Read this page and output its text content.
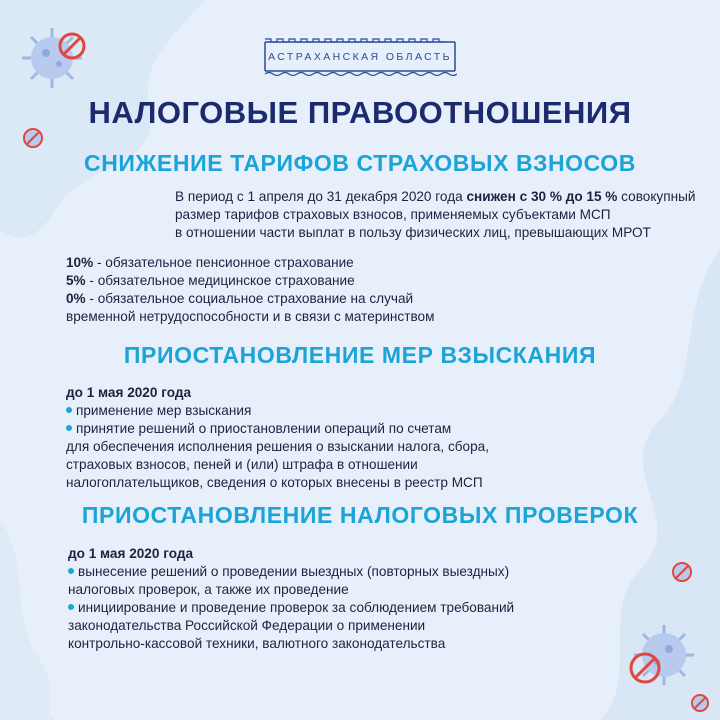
АСТРАХАНСКАЯ ОБЛАСТЬ
НАЛОГОВЫЕ ПРАВООТНОШЕНИЯ
СНИЖЕНИЕ ТАРИФОВ СТРАХОВЫХ ВЗНОСОВ
В период с 1 апреля до 31 декабря 2020 года снижен с 30 % до 15 % совокупный
размер тарифов страховых взносов, применяемых субъектами МСП
в отношении части выплат в пользу физических лиц, превышающих МРОТ
10% - обязательное пенсионное страхование
5% - обязательное медицинское страхование
0% - обязательное социальное страхование на случай
временной нетрудоспособности и в связи с материнством
ПРИОСТАНОВЛЕНИЕ МЕР ВЗЫСКАНИЯ
до 1 мая 2020 года
применение мер взыскания
принятие решений о приостановлении операций по счетам
для обеспечения исполнения решения о взыскании налога, сбора,
страховых взносов, пеней и (или) штрафа в отношении
налогоплательщиков, сведения о которых внесены в реестр МСП
ПРИОСТАНОВЛЕНИЕ НАЛОГОВЫХ ПРОВЕРОК
до 1 мая 2020 года
вынесение решений о проведении выездных (повторных выездных)
налоговых проверок, а также их проведение
инициирование и проведение проверок за соблюдением требований
законодательства Российской Федерации о применении
контрольно-кассовой техники, валютного законодательства
